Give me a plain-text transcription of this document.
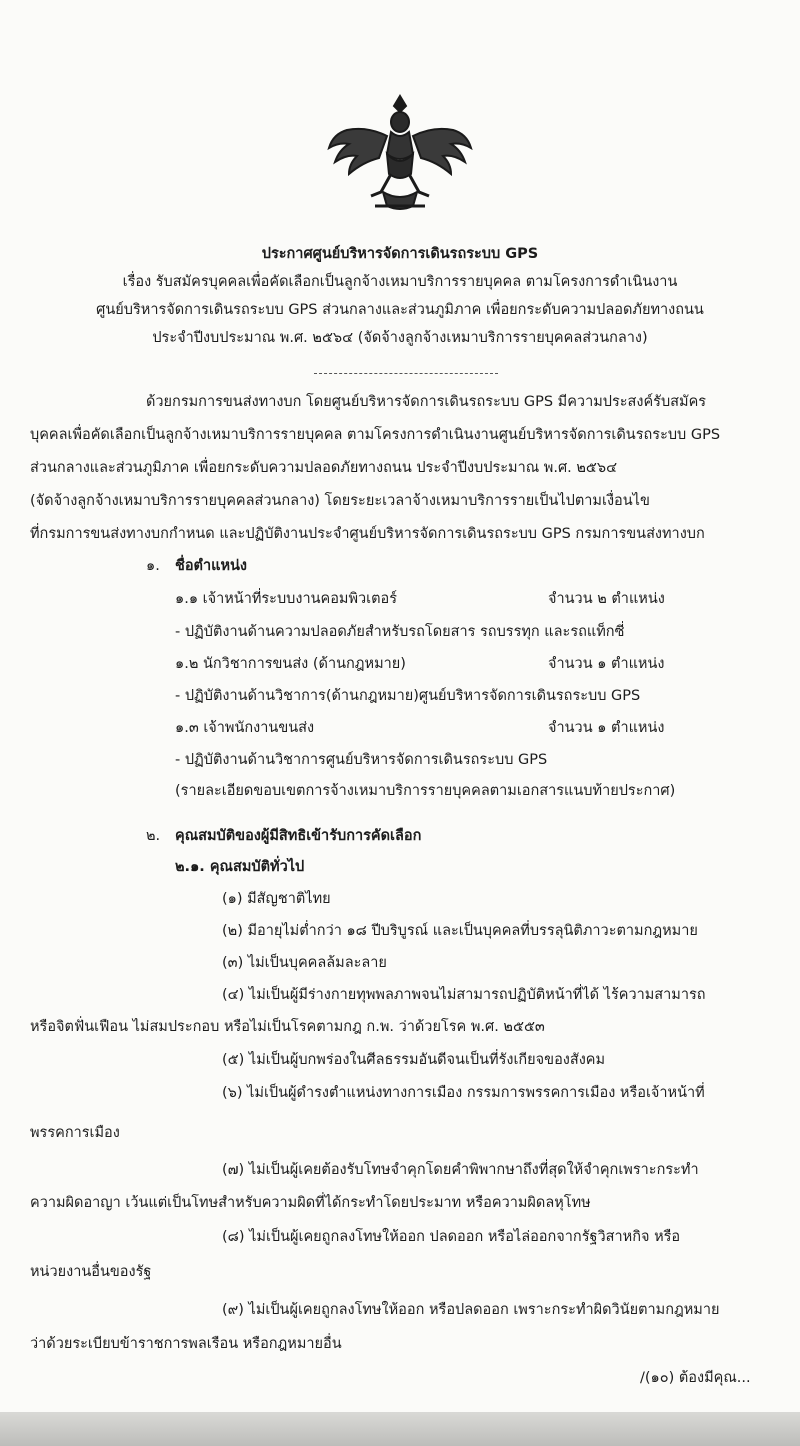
ประกาศศูนย์บริหารจัดการเดินรถระบบ GPS
เรื่อง รับสมัครบุคคลเพื่อคัดเลือกเป็นลูกจ้างเหมาบริการรายบุคคล ตามโครงการดำเนินงาน
ศูนย์บริหารจัดการเดินรถระบบ GPS ส่วนกลางและส่วนภูมิภาค เพื่อยกระดับความปลอดภัยทางถนน
ประจำปีงบประมาณ พ.ศ. ๒๕๖๔ (จัดจ้างลูกจ้างเหมาบริการรายบุคคลส่วนกลาง)
ด้วยกรมการขนส่งทางบก โดยศูนย์บริหารจัดการเดินรถระบบ GPS มีความประสงค์รับสมัคร
บุคคลเพื่อคัดเลือกเป็นลูกจ้างเหมาบริการรายบุคคล ตามโครงการดำเนินงานศูนย์บริหารจัดการเดินรถระบบ GPS
ส่วนกลางและส่วนภูมิภาค เพื่อยกระดับความปลอดภัยทางถนน ประจำปีงบประมาณ พ.ศ. ๒๕๖๔
(จัดจ้างลูกจ้างเหมาบริการรายบุคคลส่วนกลาง) โดยระยะเวลาจ้างเหมาบริการรายเป็นไปตามเงื่อนไข
ที่กรมการขนส่งทางบกกำหนด และปฏิบัติงานประจำศูนย์บริหารจัดการเดินรถระบบ GPS กรมการขนส่งทางบก
๑. ชื่อตำแหน่ง
๑.๑ เจ้าหน้าที่ระบบงานคอมพิวเตอร์	จำนวน ๒ ตำแหน่ง
- ปฏิบัติงานด้านความปลอดภัยสำหรับรถโดยสาร รถบรรทุก และรถแท็กซี่
๑.๒ นักวิชาการขนส่ง (ด้านกฎหมาย)	จำนวน ๑ ตำแหน่ง
- ปฏิบัติงานด้านวิชาการ(ด้านกฎหมาย)ศูนย์บริหารจัดการเดินรถระบบ GPS
๑.๓ เจ้าพนักงานขนส่ง	จำนวน ๑ ตำแหน่ง
- ปฏิบัติงานด้านวิชาการศูนย์บริหารจัดการเดินรถระบบ GPS
(รายละเอียดขอบเขตการจ้างเหมาบริการรายบุคคลตามเอกสารแนบท้ายประกาศ)
๒. คุณสมบัติของผู้มีสิทธิเข้ารับการคัดเลือก
๒.๑. คุณสมบัติทั่วไป
(๑) มีสัญชาติไทย
(๒) มีอายุไม่ต่ำกว่า ๑๘ ปีบริบูรณ์ และเป็นบุคคลที่บรรลุนิติภาวะตามกฎหมาย
(๓) ไม่เป็นบุคคลล้มละลาย
(๔) ไม่เป็นผู้มีร่างกายทุพพลภาพจนไม่สามารถปฏิบัติหน้าที่ได้ ไร้ความสามารถ
หรือจิตฟั่นเฟือน ไม่สมประกอบ หรือไม่เป็นโรคตามกฎ ก.พ. ว่าด้วยโรค พ.ศ. ๒๕๕๓
(๕) ไม่เป็นผู้บกพร่องในศีลธรรมอันดีจนเป็นที่รังเกียจของสังคม
(๖) ไม่เป็นผู้ดำรงตำแหน่งทางการเมือง กรรมการพรรคการเมือง หรือเจ้าหน้าที่
พรรคการเมือง
(๗) ไม่เป็นผู้เคยต้องรับโทษจำคุกโดยคำพิพากษาถึงที่สุดให้จำคุกเพราะกระทำ
ความผิดอาญา เว้นแต่เป็นโทษสำหรับความผิดที่ได้กระทำโดยประมาท หรือความผิดลหุโทษ
(๘) ไม่เป็นผู้เคยถูกลงโทษให้ออก ปลดออก หรือไล่ออกจากรัฐวิสาหกิจ หรือ
หน่วยงานอื่นของรัฐ
(๙) ไม่เป็นผู้เคยถูกลงโทษให้ออก หรือปลดออก เพราะกระทำผิดวินัยตามกฎหมาย
ว่าด้วยระเบียบข้าราชการพลเรือน หรือกฎหมายอื่น
/(๑๐) ต้องมีคุณ...
